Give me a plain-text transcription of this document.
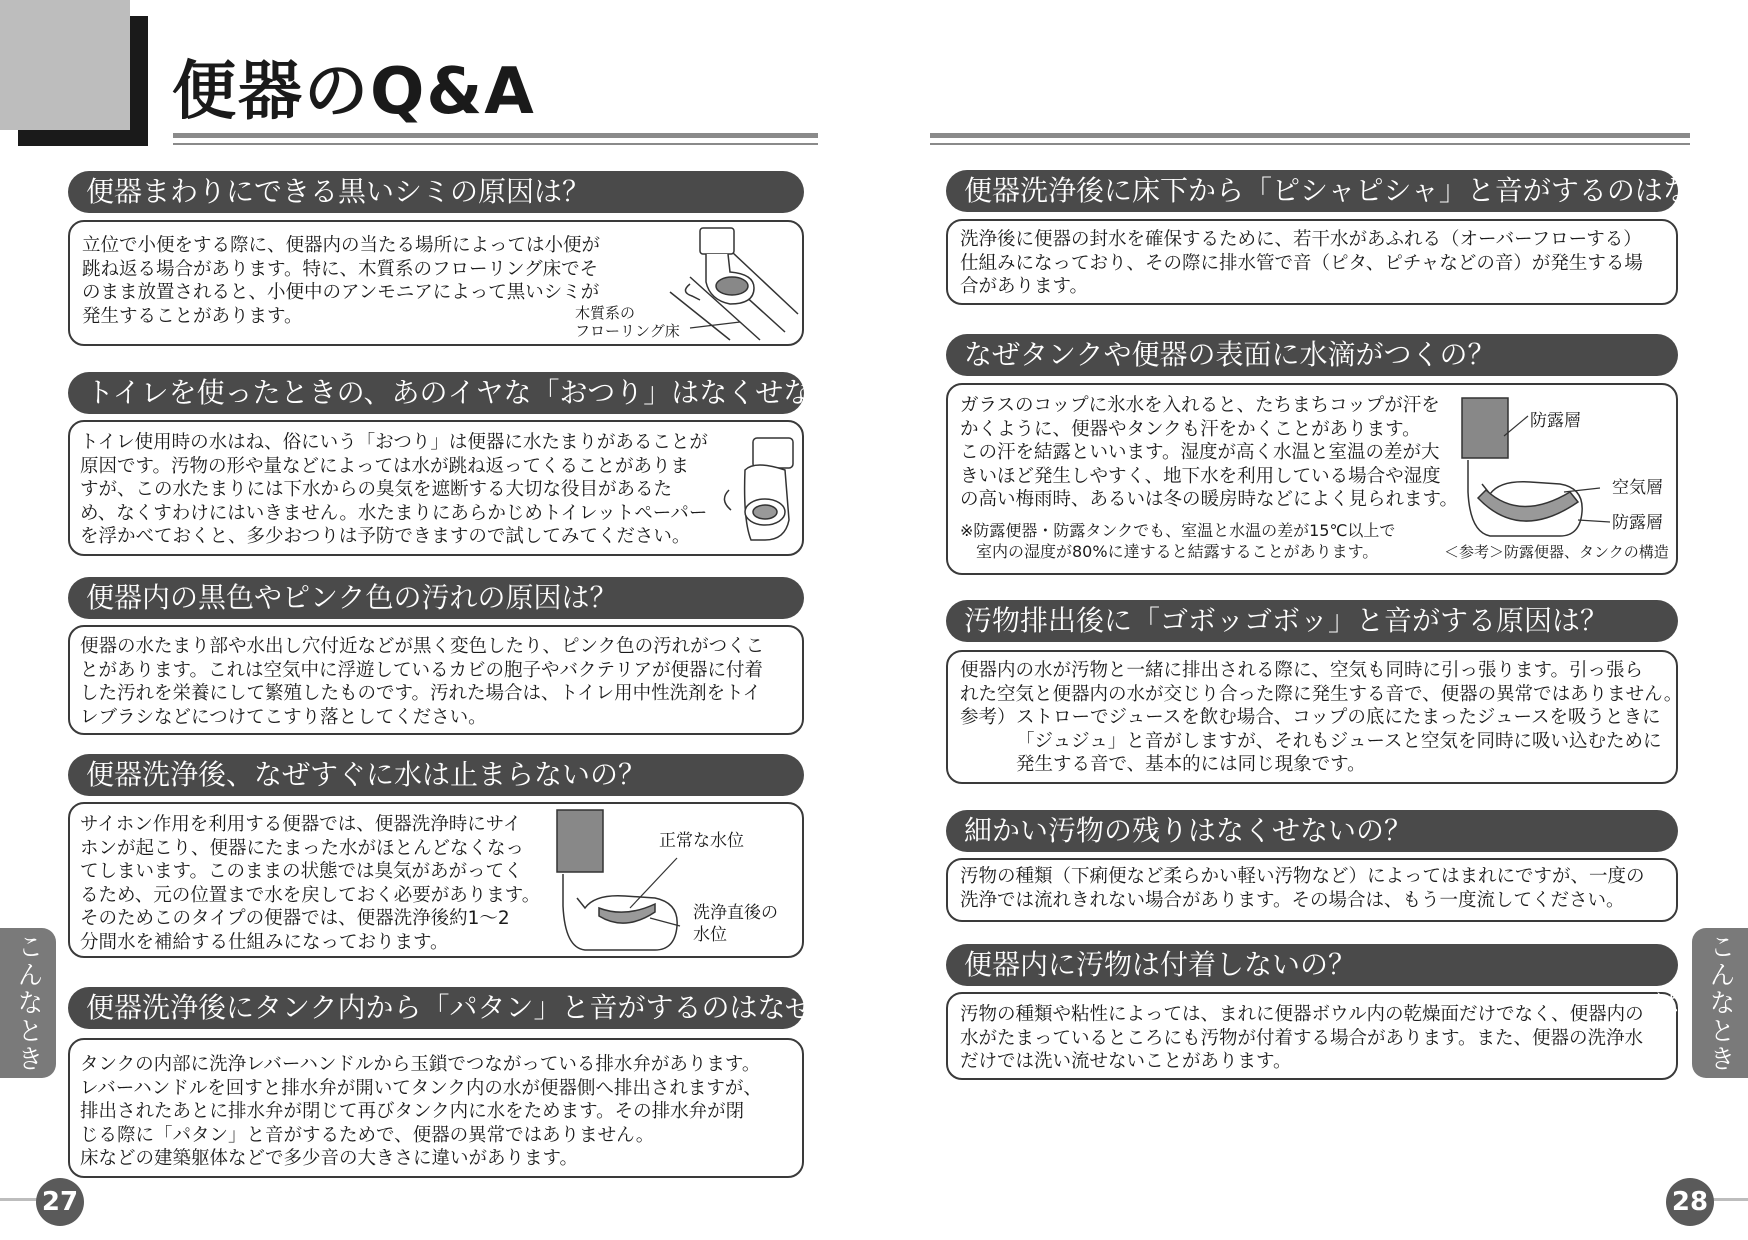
便器のQ&A
便器まわりにできる黒いシミの原因は？
立位で小便をする際に、便器内の当たる場所によっては小便が
跳ね返る場合があります。特に、木質系のフローリング床でそ
のまま放置されると、小便中のアンモニアによって黒いシミが
発生することがあります。	木質系の
フローリング床
トイレを使ったときの、あのイヤな「おつり」はなくせないの？
トイレ使用時の水はね、俗にいう「おつり」は便器に水たまりがあることが
原因です。汚物の形や量などによっては水が跳ね返ってくることがありま
すが、この水たまりには下水からの臭気を遮断する大切な役目があるた
め、なくすわけにはいきません。水たまりにあらかじめトイレットペーパー
を浮かべておくと、多少おつりは予防できますので試してみてください。
便器内の黒色やピンク色の汚れの原因は？
便器の水たまり部や水出し穴付近などが黒く変色したり、ピンク色の汚れがつくこ
とがあります。これは空気中に浮遊しているカビの胞子やバクテリアが便器に付着
した汚れを栄養にして繁殖したものです。汚れた場合は、トイレ用中性洗剤をトイ
レブラシなどにつけてこすり落としてください。
便器洗浄後、なぜすぐに水は止まらないの？
サイホン作用を利用する便器では、便器洗浄時にサイ
ホンが起こり、便器にたまった水がほとんどなくなっ
てしまいます。このままの状態では臭気があがってく
るため、元の位置まで水を戻しておく必要があります。
そのためこのタイプの便器では、便器洗浄後約1～2
分間水を補給する仕組みになっております。
正常な水位
洗浄直後の
水位
便器洗浄後にタンク内から「パタン」と音がするのはなぜ？
タンクの内部に洗浄レバーハンドルから玉鎖でつながっている排水弁があります。
レバーハンドルを回すと排水弁が開いてタンク内の水が便器側へ排出されますが、
排出されたあとに排水弁が閉じて再びタンク内に水をためます。その排水弁が閉
じる際に「パタン」と音がするためで、便器の異常ではありません。
床などの建築躯体などで多少音の大きさに違いがあります。
こんなとき
27
便器洗浄後に床下から「ピシャピシャ」と音がするのはなぜ？
洗浄後に便器の封水を確保するために、若干水があふれる（オーバーフローする）
仕組みになっており、その際に排水管で音（ピタ、ピチャなどの音）が発生する場
合があります。
なぜタンクや便器の表面に水滴がつくの？
ガラスのコップに氷水を入れると、たちまちコップが汗を
かくように、便器やタンクも汗をかくことがあります。
この汗を結露といいます。湿度が高く水温と室温の差が大
きいほど発生しやすく、地下水を利用している場合や湿度
の高い梅雨時、あるいは冬の暖房時などによく見られます。
※防露便器・防露タンクでも、室温と水温の差が15℃以上で
　室内の湿度が80%に達すると結露することがあります。
防露層
空気層
防露層
＜参考＞防露便器、タンクの構造
汚物排出後に「ゴボッゴボッ」と音がする原因は？
便器内の水が汚物と一緒に排出される際に、空気も同時に引っ張ります。引っ張ら
れた空気と便器内の水が交じり合った際に発生する音で、便器の異常ではありません。
参考） ストローでジュースを飲む場合、コップの底にたまったジュースを吸うときに
「ジュジュ」と音がしますが、それもジュースと空気を同時に吸い込むために
発生する音で、基本的には同じ現象です。
細かい汚物の残りはなくせないの？
汚物の種類（下痢便など柔らかい軽い汚物など）によってはまれにですが、一度の
洗浄では流れきれない場合があります。その場合は、もう一度流してください。
便器内に汚物は付着しないの？
汚物の種類や粘性によっては、まれに便器ボウル内の乾燥面だけでなく、便器内の
水がたまっているところにも汚物が付着する場合があります。また、便器の洗浄水
だけでは洗い流せないことがあります。	こんなときは
28
